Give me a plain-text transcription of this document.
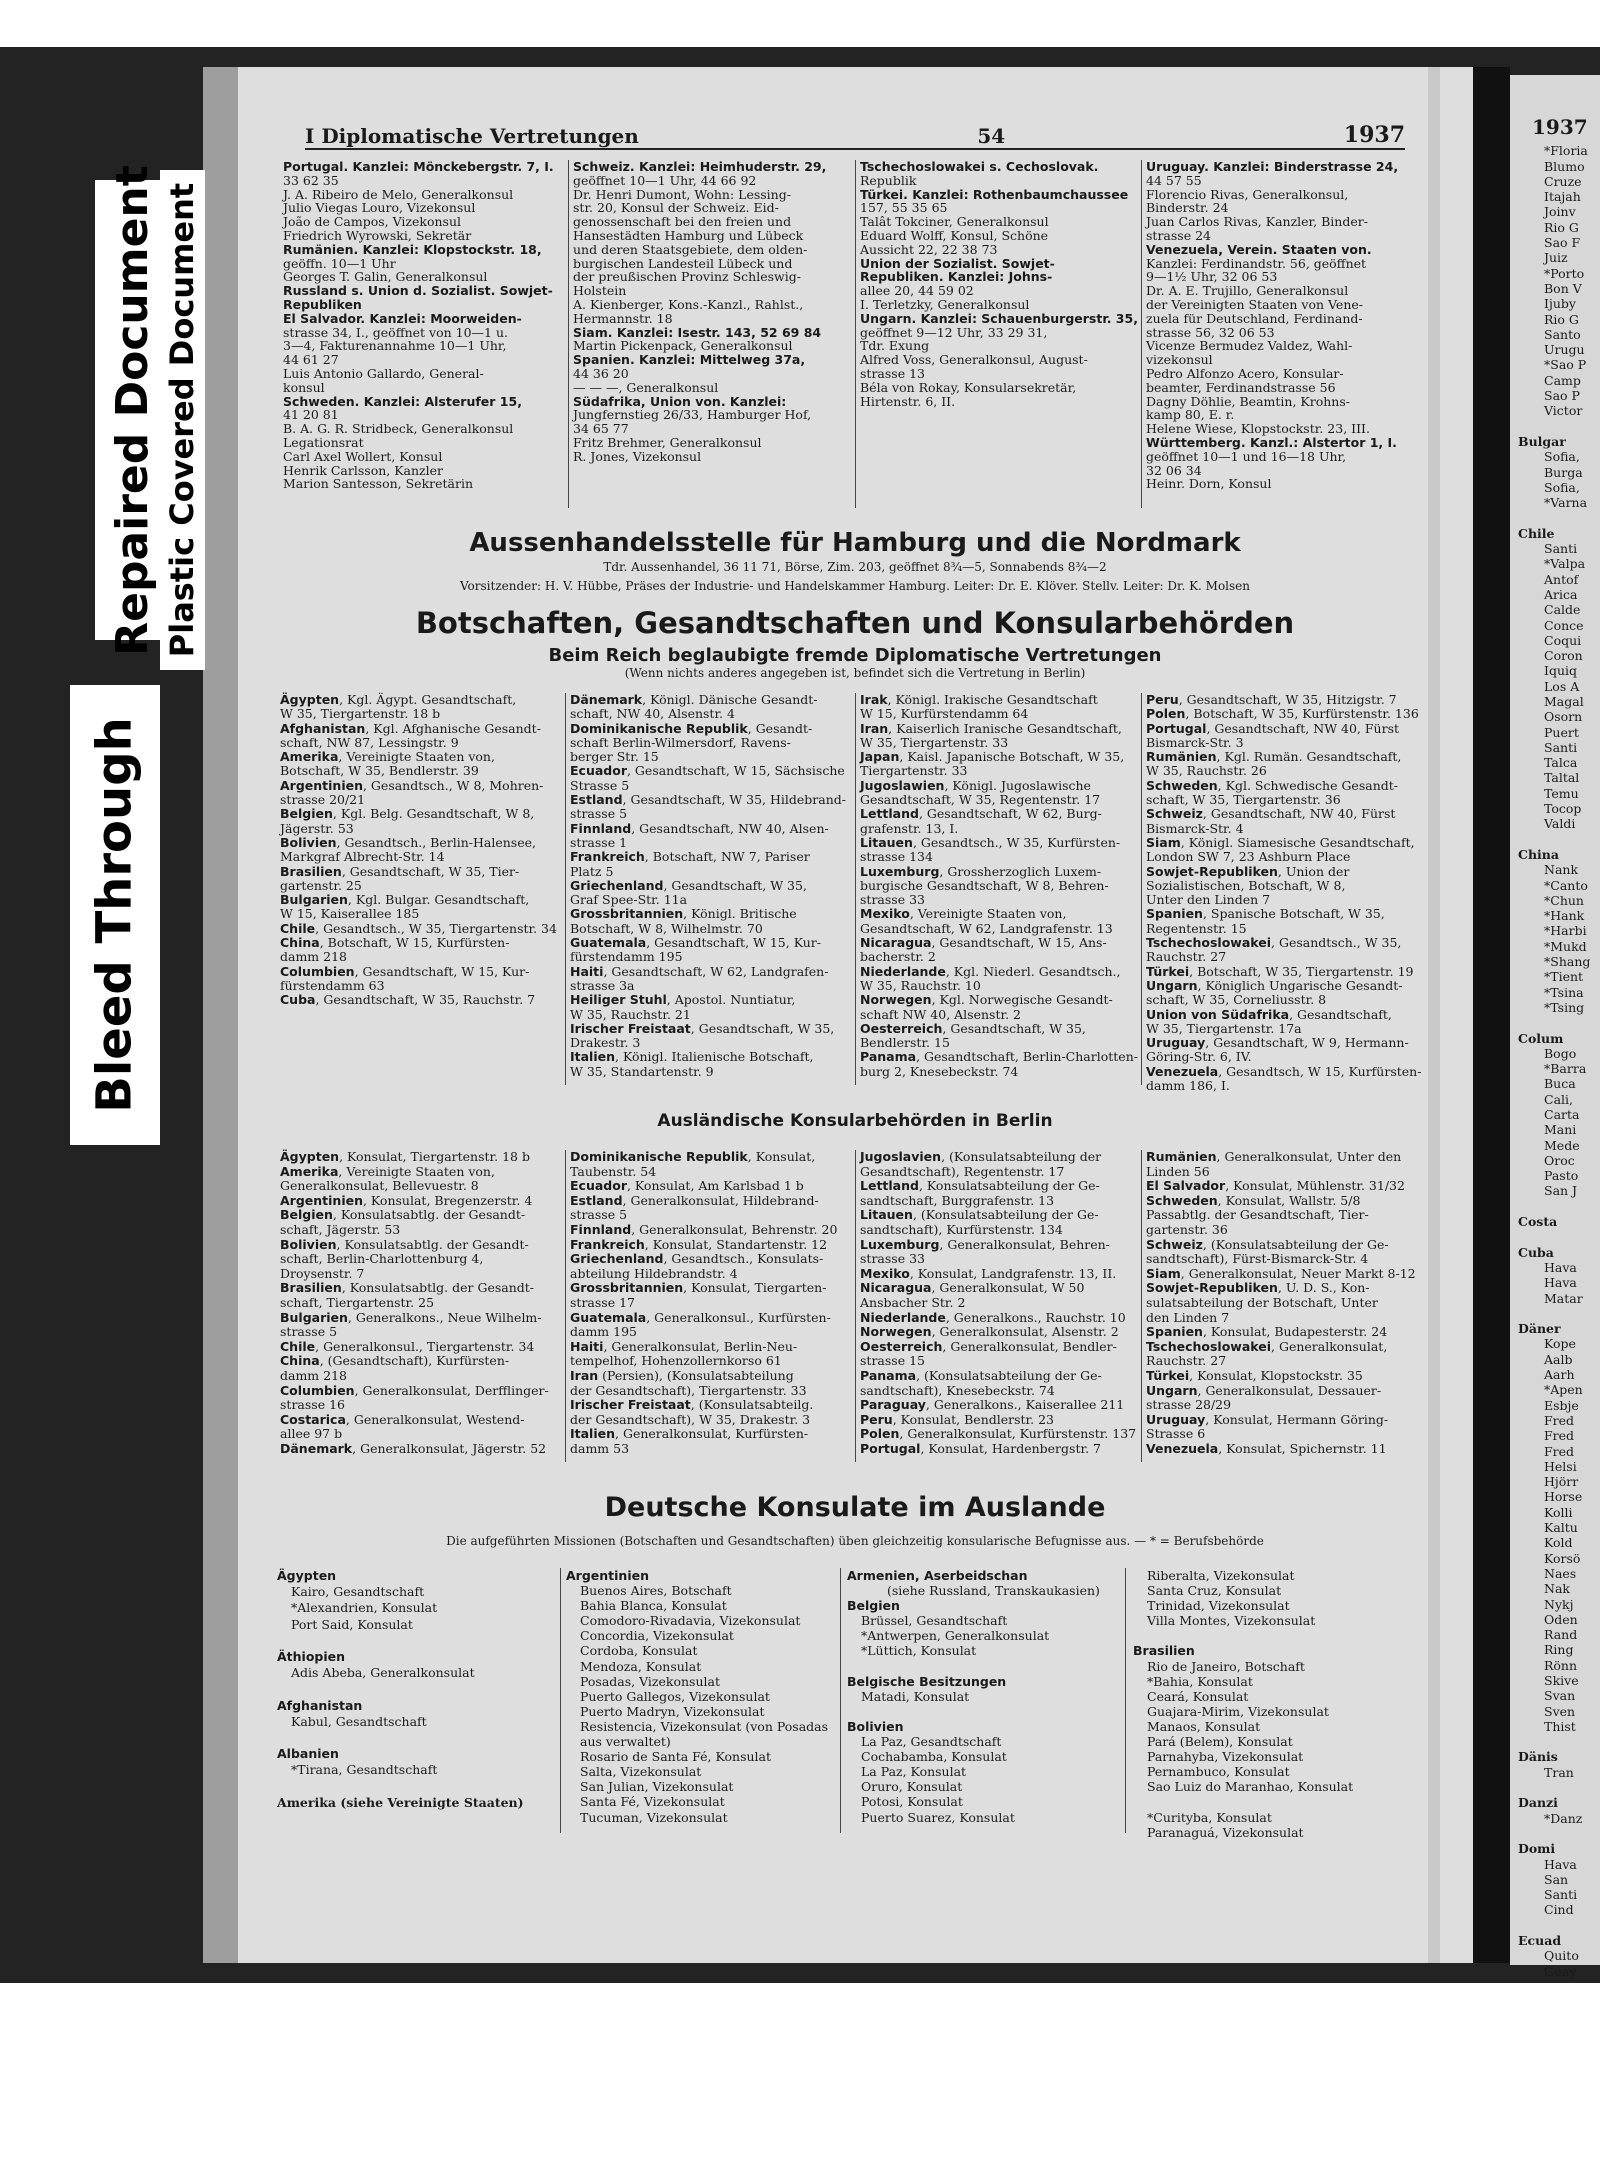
1937
*Floria
Blumo
Cruze
Itajah
Joinv
Rio G
Sao F
Juiz
*Porto
Bon V
Ijuby
Rio G
Santo
Urugu
*Sao P
Camp
Sao P
Victor

Bulgar
Sofia,
Burga
Sofia,
*Varna

Chile
Santi
*Valpa
Antof
Arica
Calde
Conce
Coqui
Coron
Iquiq
Los A
Magal
Osorn
Puert
Santi
Talca
Taltal
Temu
Tocop
Valdi

China
Nank
*Canto
*Chun
*Hank
*Harbi
*Mukd
*Shang
*Tient
*Tsina
*Tsing

Colum
Bogo
*Barra
Buca
Cali,
Carta
Mani
Mede
Oroc
Pasto
San J

Costa

Cuba
Hava
Hava
Matar

Däner
Kope
Aalb
Aarh
*Apen
Esbje
Fred
Fred
Fred
Helsi
Hjörr
Horse
Kolli
Kaltu
Kold
Korsö
Naes
Nak
Nykj
Oden
Rand
Ring
Rönn
Skive
Svan
Sven
Thist

Dänis
Tran

Danzi
*Danz

Domi
Hava
San
Santi
Cind

Ecuad
Quito
Guay
Bleed Through
Repaired Document Plastic Covered Document
I Diplomatische Vertretungen	54	1937
Portugal. Kanzlei: Mönckebergstr. 7, I.
33 62 35
J. A. Ribeiro de Melo, Generalkonsul
Julio Viegas Louro, Vizekonsul
João de Campos, Vizekonsul
Friedrich Wyrowski, Sekretär
Rumänien. Kanzlei: Klopstockstr. 18,
geöffn. 10—1 Uhr
Georges T. Galin, Generalkonsul
Russland s. Union d. Sozialist. Sowjet-
Republiken
El Salvador. Kanzlei: Moorweiden-
strasse 34, I., geöffnet von 10—1 u.
3—4, Fakturenannahme 10—1 Uhr,
44 61 27
Luis Antonio Gallardo, General-
konsul
Schweden. Kanzlei: Alsterufer 15,
41 20 81
B. A. G. R. Stridbeck, Generalkonsul
Legationsrat
Carl Axel Wollert, Konsul
Henrik Carlsson, Kanzler
Marion Santesson, Sekretärin
Schweiz. Kanzlei: Heimhuderstr. 29,
geöffnet 10—1 Uhr, 44 66 92
Dr. Henri Dumont, Wohn: Lessing-
str. 20, Konsul der Schweiz. Eid-
genossenschaft bei den freien und
Hansestädten Hamburg und Lübeck
und deren Staatsgebiete, dem olden-
burgischen Landesteil Lübeck und
der preußischen Provinz Schleswig-
Holstein
A. Kienberger, Kons.-Kanzl., Rahlst.,
Hermannstr. 18
Siam. Kanzlei: Isestr. 143, 52 69 84
Martin Pickenpack, Generalkonsul
Spanien. Kanzlei: Mittelweg 37a,
44 36 20
— — —, Generalkonsul
Südafrika, Union von. Kanzlei:
Jungfernstieg 26/33, Hamburger Hof,
34 65 77
Fritz Brehmer, Generalkonsul
R. Jones, Vizekonsul
Tschechoslowakei s. Cechoslovak.
Republik
Türkei. Kanzlei: Rothenbaumchaussee
157, 55 35 65
Talât Tokciner, Generalkonsul
Eduard Wolff, Konsul, Schöne
Aussicht 22, 22 38 73
Union der Sozialist. Sowjet-
Republiken. Kanzlei: Johns-
allee 20, 44 59 02
I. Terletzky, Generalkonsul
Ungarn. Kanzlei: Schauenburgerstr. 35,
geöffnet 9—12 Uhr, 33 29 31,
Tdr. Exung
Alfred Voss, Generalkonsul, August-
strasse 13
Béla von Rokay, Konsularsekretär,
Hirtenstr. 6, II.
Uruguay. Kanzlei: Binderstrasse 24,
44 57 55
Florencio Rivas, Generalkonsul,
Binderstr. 24
Juan Carlos Rivas, Kanzler, Binder-
strasse 24
Venezuela, Verein. Staaten von.
Kanzlei: Ferdinandstr. 56, geöffnet
9—1½ Uhr, 32 06 53
Dr. A. E. Trujillo, Generalkonsul
der Vereinigten Staaten von Vene-
zuela für Deutschland, Ferdinand-
strasse 56, 32 06 53
Vicenze Bermudez Valdez, Wahl-
vizekonsul
Pedro Alfonzo Acero, Konsular-
beamter, Ferdinandstrasse 56
Dagny Döhlie, Beamtin, Krohns-
kamp 80, E. r.
Helene Wiese, Klopstockstr. 23, III.
Württemberg. Kanzl.: Alstertor 1, I.
geöffnet 10—1 und 16—18 Uhr,
32 06 34
Heinr. Dorn, Konsul
Aussenhandelsstelle für Hamburg und die Nordmark
Tdr. Aussenhandel, 36 11 71, Börse, Zim. 203, geöffnet 8¾—5, Sonnabends 8¾—2
Vorsitzender: H. V. Hübbe, Präses der Industrie- und Handelskammer Hamburg. Leiter: Dr. E. Klöver. Stellv. Leiter: Dr. K. Molsen
Botschaften, Gesandtschaften und Konsularbehörden
Beim Reich beglaubigte fremde Diplomatische Vertretungen
(Wenn nichts anderes angegeben ist, befindet sich die Vertretung in Berlin)
Ägypten, Kgl. Ägypt. Gesandtschaft,
W 35, Tiergartenstr. 18 b
Afghanistan, Kgl. Afghanische Gesandt-
schaft, NW 87, Lessingstr. 9
Amerika, Vereinigte Staaten von,
Botschaft, W 35, Bendlerstr. 39
Argentinien, Gesandtsch., W 8, Mohren-
strasse 20/21
Belgien, Kgl. Belg. Gesandtschaft, W 8,
Jägerstr. 53
Bolivien, Gesandtsch., Berlin-Halensee,
Markgraf Albrecht-Str. 14
Brasilien, Gesandtschaft, W 35, Tier-
gartenstr. 25
Bulgarien, Kgl. Bulgar. Gesandtschaft,
W 15, Kaiserallee 185
Chile, Gesandtsch., W 35, Tiergartenstr. 34
China, Botschaft, W 15, Kurfürsten-
damm 218
Columbien, Gesandtschaft, W 15, Kur-
fürstendamm 63
Cuba, Gesandtschaft, W 35, Rauchstr. 7
Dänemark, Königl. Dänische Gesandt-
schaft, NW 40, Alsenstr. 4
Dominikanische Republik, Gesandt-
schaft Berlin-Wilmersdorf, Ravens-
berger Str. 15
Ecuador, Gesandtschaft, W 15, Sächsische
Strasse 5
Estland, Gesandtschaft, W 35, Hildebrand-
strasse 5
Finnland, Gesandtschaft, NW 40, Alsen-
strasse 1
Frankreich, Botschaft, NW 7, Pariser
Platz 5
Griechenland, Gesandtschaft, W 35,
Graf Spee-Str. 11a
Grossbritannien, Königl. Britische
Botschaft, W 8, Wilhelmstr. 70
Guatemala, Gesandtschaft, W 15, Kur-
fürstendamm 195
Haiti, Gesandtschaft, W 62, Landgrafen-
strasse 3a
Heiliger Stuhl, Apostol. Nuntiatur,
W 35, Rauchstr. 21
Irischer Freistaat, Gesandtschaft, W 35,
Drakestr. 3
Italien, Königl. Italienische Botschaft,
W 35, Standartenstr. 9
Irak, Königl. Irakische Gesandtschaft
W 15, Kurfürstendamm 64
Iran, Kaiserlich Iranische Gesandtschaft,
W 35, Tiergartenstr. 33
Japan, Kaisl. Japanische Botschaft, W 35,
Tiergartenstr. 33
Jugoslawien, Königl. Jugoslawische
Gesandtschaft, W 35, Regentenstr. 17
Lettland, Gesandtschaft, W 62, Burg-
grafenstr. 13, I.
Litauen, Gesandtsch., W 35, Kurfürsten-
strasse 134
Luxemburg, Grossherzoglich Luxem-
burgische Gesandtschaft, W 8, Behren-
strasse 33
Mexiko, Vereinigte Staaten von,
Gesandtschaft, W 62, Landgrafenstr. 13
Nicaragua, Gesandtschaft, W 15, Ans-
bacherstr. 2
Niederlande, Kgl. Niederl. Gesandtsch.,
W 35, Rauchstr. 10
Norwegen, Kgl. Norwegische Gesandt-
schaft NW 40, Alsenstr. 2
Oesterreich, Gesandtschaft, W 35,
Bendlerstr. 15
Panama, Gesandtschaft, Berlin-Charlotten-
burg 2, Knesebeckstr. 74
Peru, Gesandtschaft, W 35, Hitzigstr. 7
Polen, Botschaft, W 35, Kurfürstenstr. 136
Portugal, Gesandtschaft, NW 40, Fürst
Bismarck-Str. 3
Rumänien, Kgl. Rumän. Gesandtschaft,
W 35, Rauchstr. 26
Schweden, Kgl. Schwedische Gesandt-
schaft, W 35, Tiergartenstr. 36
Schweiz, Gesandtschaft, NW 40, Fürst
Bismarck-Str. 4
Siam, Königl. Siamesische Gesandtschaft,
London SW 7, 23 Ashburn Place
Sowjet-Republiken, Union der
Sozialistischen, Botschaft, W 8,
Unter den Linden 7
Spanien, Spanische Botschaft, W 35,
Regentenstr. 15
Tschechoslowakei, Gesandtsch., W 35,
Rauchstr. 27
Türkei, Botschaft, W 35, Tiergartenstr. 19
Ungarn, Königlich Ungarische Gesandt-
schaft, W 35, Corneliusstr. 8
Union von Südafrika, Gesandtschaft,
W 35, Tiergartenstr. 17a
Uruguay, Gesandtschaft, W 9, Hermann-
Göring-Str. 6, IV.
Venezuela, Gesandtsch, W 15, Kurfürsten-
damm 186, I.
Ausländische Konsularbehörden in Berlin
Ägypten, Konsulat, Tiergartenstr. 18 b
Amerika, Vereinigte Staaten von,
Generalkonsulat, Bellevuestr. 8
Argentinien, Konsulat, Bregenzerstr. 4
Belgien, Konsulatsabtlg. der Gesandt-
schaft, Jägerstr. 53
Bolivien, Konsulatsabtlg. der Gesandt-
schaft, Berlin-Charlottenburg 4,
Droysenstr. 7
Brasilien, Konsulatsabtlg. der Gesandt-
schaft, Tiergartenstr. 25
Bulgarien, Generalkons., Neue Wilhelm-
strasse 5
Chile, Generalkonsul., Tiergartenstr. 34
China, (Gesandtschaft), Kurfürsten-
damm 218
Columbien, Generalkonsulat, Derfflinger-
strasse 16
Costarica, Generalkonsulat, Westend-
allee 97 b
Dänemark, Generalkonsulat, Jägerstr. 52
Dominikanische Republik, Konsulat,
Taubenstr. 54
Ecuador, Konsulat, Am Karlsbad 1 b
Estland, Generalkonsulat, Hildebrand-
strasse 5
Finnland, Generalkonsulat, Behrenstr. 20
Frankreich, Konsulat, Standartenstr. 12
Griechenland, Gesandtsch., Konsulats-
abteilung Hildebrandstr. 4
Grossbritannien, Konsulat, Tiergarten-
strasse 17
Guatemala, Generalkonsul., Kurfürsten-
damm 195
Haiti, Generalkonsulat, Berlin-Neu-
tempelhof, Hohenzollernkorso 61
Iran (Persien), (Konsulatsabteilung
der Gesandtschaft), Tiergartenstr. 33
Irischer Freistaat, (Konsulatsabteilg.
der Gesandtschaft), W 35, Drakestr. 3
Italien, Generalkonsulat, Kurfürsten-
damm 53
Jugoslavien, (Konsulatsabteilung der
Gesandtschaft), Regentenstr. 17
Lettland, Konsulatsabteilung der Ge-
sandtschaft, Burggrafenstr. 13
Litauen, (Konsulatsabteilung der Ge-
sandtschaft), Kurfürstenstr. 134
Luxemburg, Generalkonsulat, Behren-
strasse 33
Mexiko, Konsulat, Landgrafenstr. 13, II.
Nicaragua, Generalkonsulat, W 50
Ansbacher Str. 2
Niederlande, Generalkons., Rauchstr. 10
Norwegen, Generalkonsulat, Alsenstr. 2
Oesterreich, Generalkonsulat, Bendler-
strasse 15
Panama, (Konsulatsabteilung der Ge-
sandtschaft), Knesebeckstr. 74
Paraguay, Generalkons., Kaiserallee 211
Peru, Konsulat, Bendlerstr. 23
Polen, Generalkonsulat, Kurfürstenstr. 137
Portugal, Konsulat, Hardenbergstr. 7
Rumänien, Generalkonsulat, Unter den
Linden 56
El Salvador, Konsulat, Mühlenstr. 31/32
Schweden, Konsulat, Wallstr. 5/8
Passabtlg. der Gesandtschaft, Tier-
gartenstr. 36
Schweiz, (Konsulatsabteilung der Ge-
sandtschaft), Fürst-Bismarck-Str. 4
Siam, Generalkonsulat, Neuer Markt 8-12
Sowjet-Republiken, U. D. S., Kon-
sulatsabteilung der Botschaft, Unter
den Linden 7
Spanien, Konsulat, Budapesterstr. 24
Tschechoslowakei, Generalkonsulat,
Rauchstr. 27
Türkei, Konsulat, Klopstockstr. 35
Ungarn, Generalkonsulat, Dessauer-
strasse 28/29
Uruguay, Konsulat, Hermann Göring-
Strasse 6
Venezuela, Konsulat, Spichernstr. 11
Deutsche Konsulate im Auslande
Die aufgeführten Missionen (Botschaften und Gesandtschaften) üben gleichzeitig konsularische Befugnisse aus. — * = Berufsbehörde
Ägypten
Kairo, Gesandtschaft
*Alexandrien, Konsulat
Port Said, Konsulat

Äthiopien
Adis Abeba, Generalkonsulat

Afghanistan
Kabul, Gesandtschaft

Albanien
*Tirana, Gesandtschaft

Amerika (siehe Vereinigte Staaten)
Argentinien
Buenos Aires, Botschaft
Bahia Blanca, Konsulat
Comodoro-Rivadavia, Vizekonsulat
Concordia, Vizekonsulat
Cordoba, Konsulat
Mendoza, Konsulat
Posadas, Vizekonsulat
Puerto Gallegos, Vizekonsulat
Puerto Madryn, Vizekonsulat
Resistencia, Vizekonsulat (von Posadas
aus verwaltet)
Rosario de Santa Fé, Konsulat
Salta, Vizekonsulat
San Julian, Vizekonsulat
Santa Fé, Vizekonsulat
Tucuman, Vizekonsulat
Armenien, Aserbeidschan
(siehe Russland, Transkaukasien)
Belgien
Brüssel, Gesandtschaft
*Antwerpen, Generalkonsulat
*Lüttich, Konsulat

Belgische Besitzungen
Matadi, Konsulat

Bolivien
La Paz, Gesandtschaft
Cochabamba, Konsulat
La Paz, Konsulat
Oruro, Konsulat
Potosi, Konsulat
Puerto Suarez, Konsulat
Riberalta, Vizekonsulat
Santa Cruz, Konsulat
Trinidad, Vizekonsulat
Villa Montes, Vizekonsulat

Brasilien
Rio de Janeiro, Botschaft
*Bahia, Konsulat
Ceará, Konsulat
Guajara-Mirim, Vizekonsulat
Manaos, Konsulat
Pará (Belem), Konsulat
Parnahyba, Vizekonsulat
Pernambuco, Konsulat
Sao Luiz do Maranhao, Konsulat

*Curityba, Konsulat
Paranaguá, Vizekonsulat
